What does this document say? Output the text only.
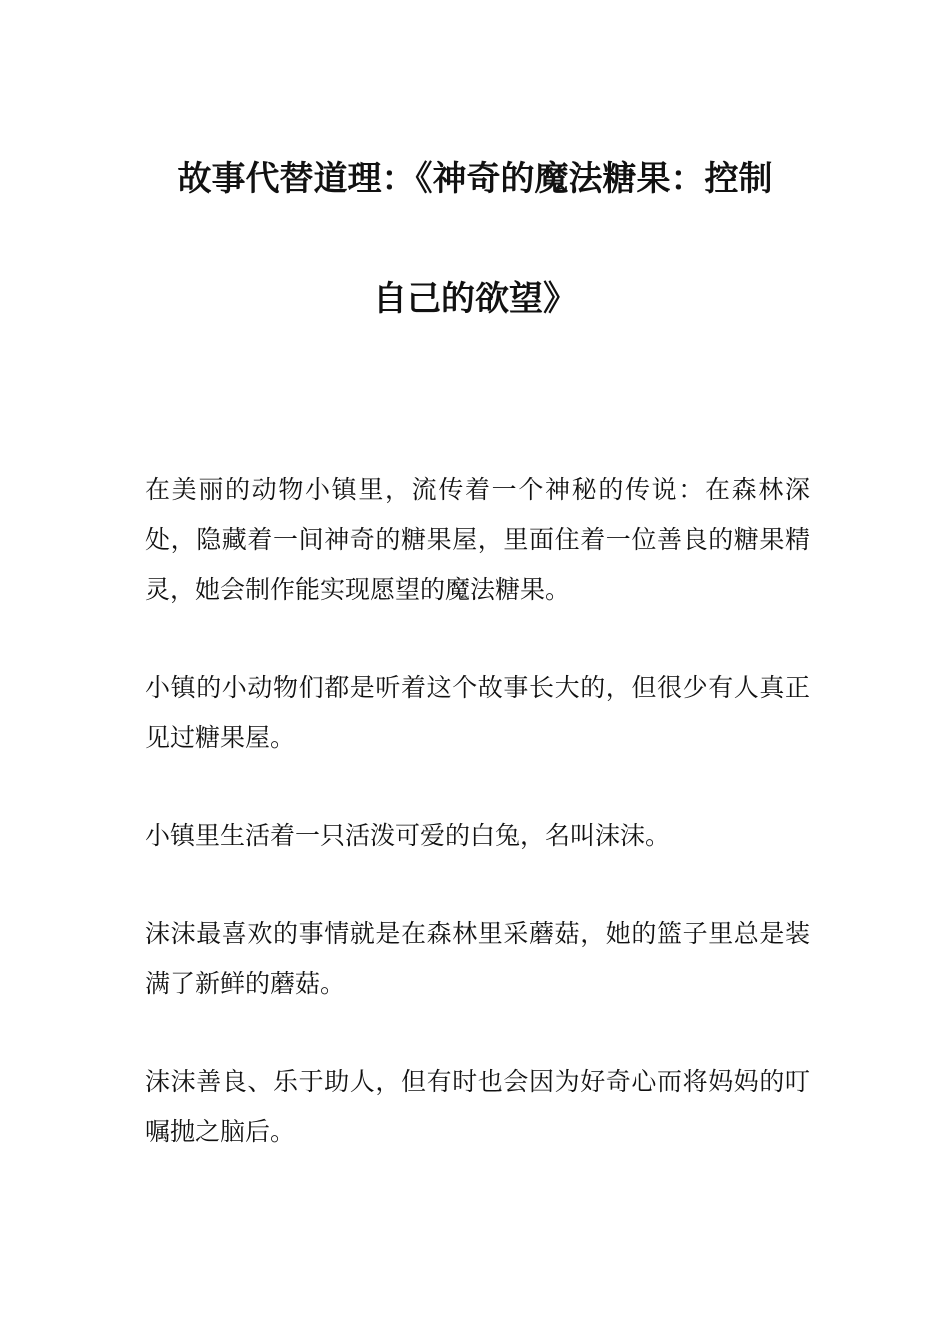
故事代替道理：《神奇的魔法糖果：控制
自己的欲望》

在美丽的动物小镇里，流传着一个神秘的传说：在森林深处，隐藏着一间神奇的糖果屋，里面住着一位善良的糖果精灵，她会制作能实现愿望的魔法糖果。

小镇的小动物们都是听着这个故事长大的，但很少有人真正见过糖果屋。

小镇里生活着一只活泼可爱的白兔，名叫沫沫。

沫沫最喜欢的事情就是在森林里采蘑菇，她的篮子里总是装满了新鲜的蘑菇。

沫沫善良、乐于助人，但有时也会因为好奇心而将妈妈的叮嘱抛之脑后。
